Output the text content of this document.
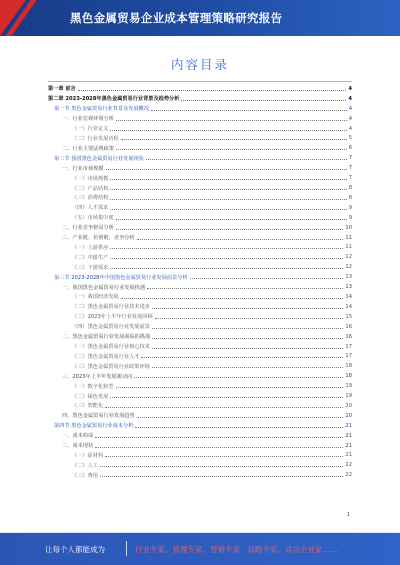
黑色金属贸易企业成本管理策略研究报告
内容目录
第一章 前言	4
第二章 2023-2028年黑色金属贸易行业背景及趋势分析	4
第一节 黑色金属贸易行业背景及发展概况	4
一、行业宏观环境分析	4
（一）行业定义	4
（二）行业发展历程	5
二、行业主要法规政策	6
第二节 我国黑色金属贸易行业发展现状	7
一、行业市场规模	7
（一）市场规模	7
（二）产品结构	8
（三）消费结构	8
（四）人才需求	9
（五）市场集中度	9
二、行业竞争格局分析	10
三、产业链、价值链、竞争分析	11
（一）上游供应	11
（二）中游生产	12
（三）下游需求	12
第三节 2023-2028年中国黑色金属贸易行业发展前景分析	13
一、我国黑色金属贸易行业发展机遇	13
（一）我国经济发展	14
（二）黑色金属贸易行业技术进步	14
（三）2023年上半年行业发展回顾	15
（四）黑色金属贸易行业发展前景	16
二、黑色金属贸易行业发展面临的挑战	16
（一）黑色金属贸易行业核心技术	17
（二）黑色金属贸易行业人才	17
（三）黑色金属贸易行业政策环境	18
三、2023年上半年发展新动向	18
（一）数字化转型	19
（二）绿色发展	19
（三）智能化	20
四、黑色金属贸易行业发展趋势	20
第四节 黑色金属贸易行业成本分析	21
一、成本构成	21
二、成本现状	21
（一）原材料	21
（二）人工	22
（三）费用	22
1
让每个人都能成为	行业专家、管理专家、营销专家、战略专家、成功企业家……
